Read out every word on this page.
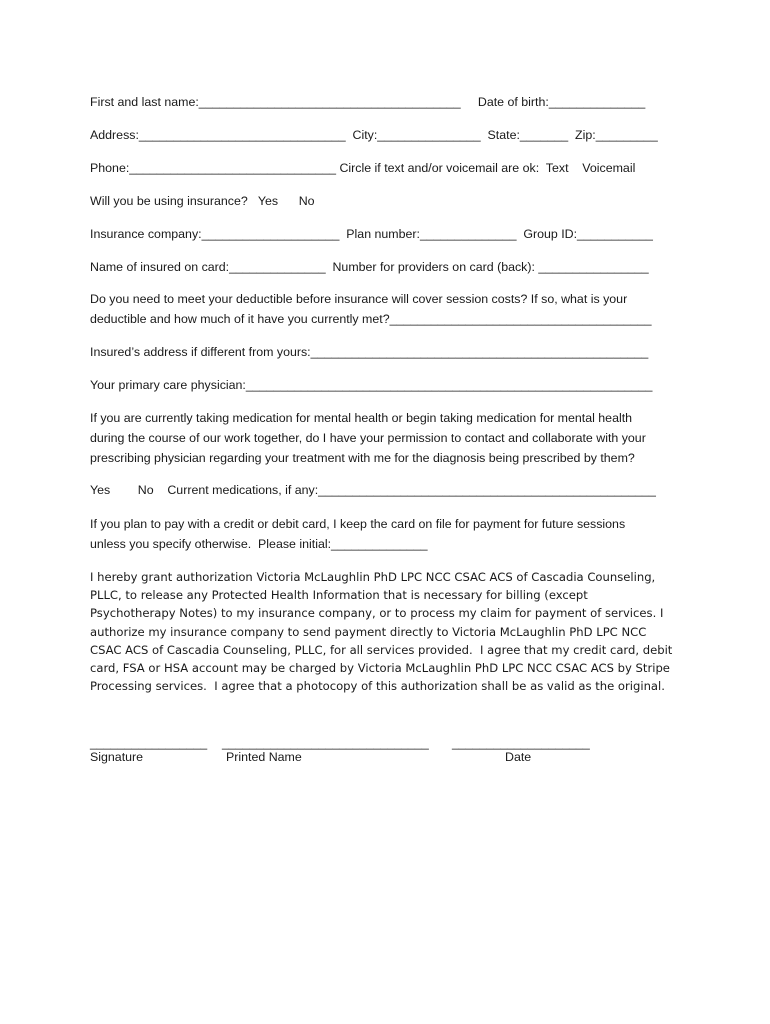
First and last name:______________________________________     Date of birth:______________
Address:______________________________  City:_______________  State:_______  Zip:_________
Phone:______________________________ Circle if text and/or voicemail are ok:  Text    Voicemail
Will you be using insurance?   Yes      No
Insurance company:____________________  Plan number:______________  Group ID:___________
Name of insured on card:______________  Number for providers on card (back): ________________
Do you need to meet your deductible before insurance will cover session costs? If so, what is your
deductible and how much of it have you currently met?______________________________________
Insured’s address if different from yours:_________________________________________________
Your primary care physician:___________________________________________________________
If you are currently taking medication for mental health or begin taking medication for mental health
during the course of our work together, do I have your permission to contact and collaborate with your
prescribing physician regarding your treatment with me for the diagnosis being prescribed by them?
Yes        No    Current medications, if any:_________________________________________________
If you plan to pay with a credit or debit card, I keep the card on file for payment for future sessions
unless you specify otherwise.  Please initial:______________
I hereby grant authorization Victoria McLaughlin PhD LPC NCC CSAC ACS of Cascadia Counseling,
PLLC, to release any Protected Health Information that is necessary for billing (except
Psychotherapy Notes) to my insurance company, or to process my claim for payment of services. I
authorize my insurance company to send payment directly to Victoria McLaughlin PhD LPC NCC
CSAC ACS of Cascadia Counseling, PLLC, for all services provided.  I agree that my credit card, debit
card, FSA or HSA account may be charged by Victoria McLaughlin PhD LPC NCC CSAC ACS by Stripe
Processing services.  I agree that a photocopy of this authorization shall be as valid as the original.
_________________ ______________________________ ____________________
Signature	Printed Name	Date
